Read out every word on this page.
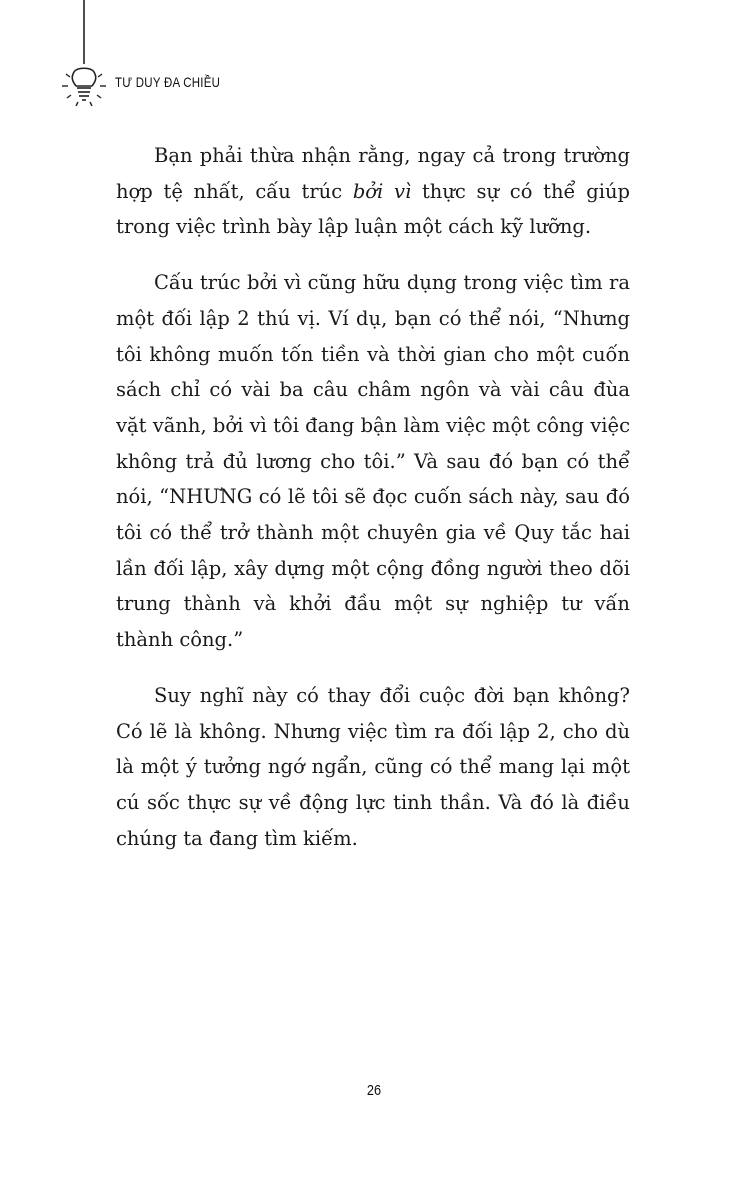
TƯ DUY ĐA CHIỀU

Bạn phải thừa nhận rằng, ngay cả trong trường hợp tệ nhất, cấu trúc bởi vì thực sự có thể giúp trong việc trình bày lập luận một cách kỹ lưỡng.

Cấu trúc bởi vì cũng hữu dụng trong việc tìm ra một đối lập 2 thú vị. Ví dụ, bạn có thể nói, “Nhưng tôi không muốn tốn tiền và thời gian cho một cuốn sách chỉ có vài ba câu châm ngôn và vài câu đùa vặt vãnh, bởi vì tôi đang bận làm việc một công việc không trả đủ lương cho tôi.” Và sau đó bạn có thể nói, “NHƯNG có lẽ tôi sẽ đọc cuốn sách này, sau đó tôi có thể trở thành một chuyên gia về Quy tắc hai lần đối lập, xây dựng một cộng đồng người theo dõi trung thành và khởi đầu một sự nghiệp tư vấn thành công.”

Suy nghĩ này có thay đổi cuộc đời bạn không? Có lẽ là không. Nhưng việc tìm ra đối lập 2, cho dù là một ý tưởng ngớ ngẩn, cũng có thể mang lại một cú sốc thực sự về động lực tinh thần. Và đó là điều chúng ta đang tìm kiếm.

26
